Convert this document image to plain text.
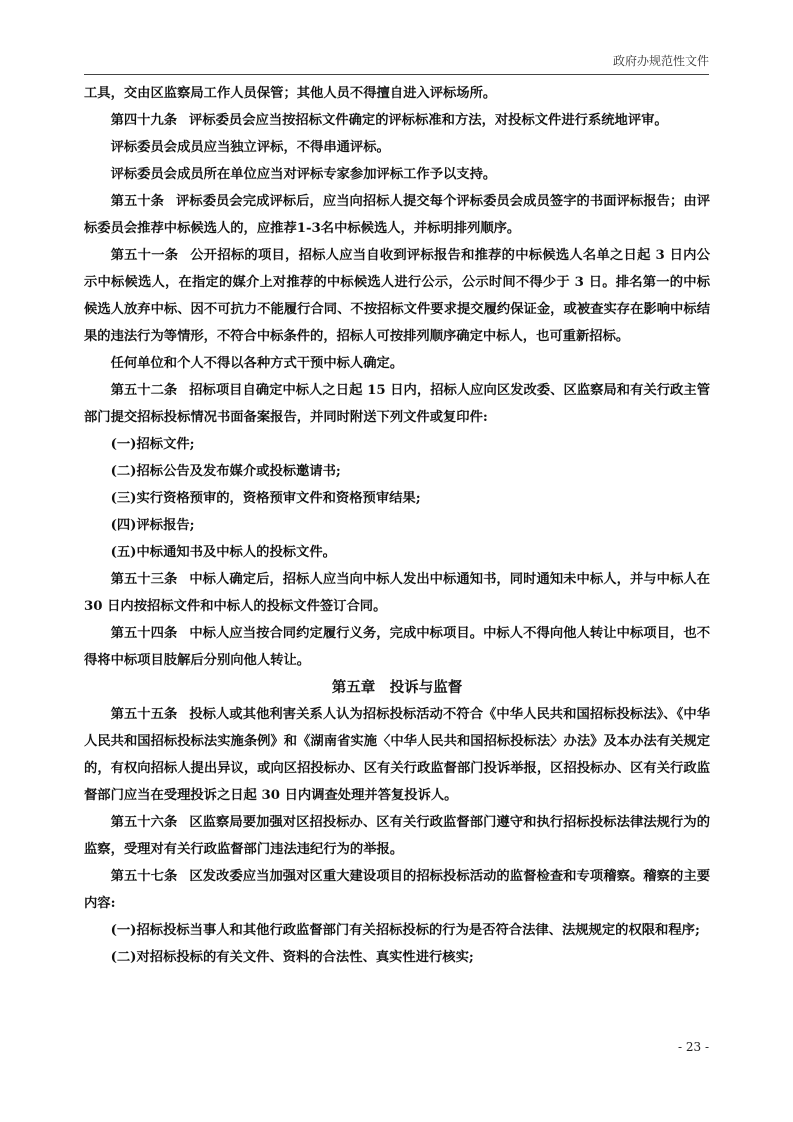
政府办规范性文件

工具，交由区监察局工作人员保管；其他人员不得擅自进入评标场所。

第四十九条 评标委员会应当按招标文件确定的评标标准和方法，对投标文件进行系统地评审。

评标委员会成员应当独立评标，不得串通评标。

评标委员会成员所在单位应当对评标专家参加评标工作予以支持。

第五十条 评标委员会完成评标后，应当向招标人提交每个评标委员会成员签字的书面评标报告；由评标委员会推荐中标候选人的，应推荐1-3名中标候选人，并标明排列顺序。

第五十一条 公开招标的项目，招标人应当自收到评标报告和推荐的中标候选人名单之日起 3 日内公示中标候选人，在指定的媒介上对推荐的中标候选人进行公示，公示时间不得少于 3 日。排名第一的中标候选人放弃中标、因不可抗力不能履行合同、不按招标文件要求提交履约保证金，或被查实存在影响中标结果的违法行为等情形，不符合中标条件的，招标人可按排列顺序确定中标人，也可重新招标。

任何单位和个人不得以各种方式干预中标人确定。

第五十二条 招标项目自确定中标人之日起 15 日内，招标人应向区发改委、区监察局和有关行政主管部门提交招标投标情况书面备案报告，并同时附送下列文件或复印件:

(一)招标文件;

(二)招标公告及发布媒介或投标邀请书;

(三)实行资格预审的，资格预审文件和资格预审结果;

(四)评标报告;

(五)中标通知书及中标人的投标文件。

第五十三条 中标人确定后，招标人应当向中标人发出中标通知书，同时通知未中标人，并与中标人在 30 日内按招标文件和中标人的投标文件签订合同。

第五十四条 中标人应当按合同约定履行义务，完成中标项目。中标人不得向他人转让中标项目，也不得将中标项目肢解后分别向他人转让。

第五章　投诉与监督

第五十五条 投标人或其他利害关系人认为招标投标活动不符合《中华人民共和国招标投标法》、《中华人民共和国招标投标法实施条例》和《湖南省实施〈中华人民共和国招标投标法〉办法》及本办法有关规定的，有权向招标人提出异议，或向区招投标办、区有关行政监督部门投诉举报，区招投标办、区有关行政监督部门应当在受理投诉之日起 30 日内调查处理并答复投诉人。

第五十六条 区监察局要加强对区招投标办、区有关行政监督部门遵守和执行招标投标法律法规行为的监察，受理对有关行政监督部门违法违纪行为的举报。

第五十七条 区发改委应当加强对区重大建设项目的招标投标活动的监督检查和专项稽察。稽察的主要内容:

(一)招标投标当事人和其他行政监督部门有关招标投标的行为是否符合法律、法规规定的权限和程序;

(二)对招标投标的有关文件、资料的合法性、真实性进行核实;

- 23 -
